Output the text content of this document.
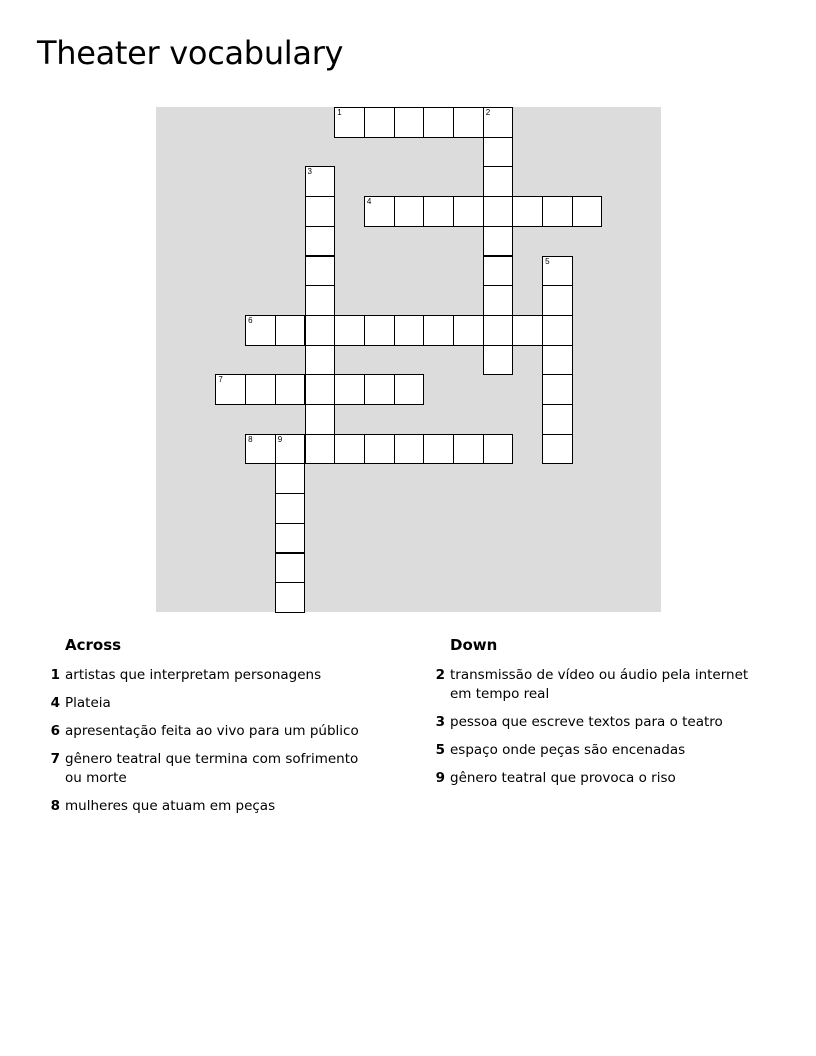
Theater vocabulary
1	2
3
4
5
6
7
8	9
Across
1 artistas que interpretam personagens
4 Plateia
6 apresentação feita ao vivo para um público
7 gênero teatral que termina com sofrimento ou morte
8 mulheres que atuam em peças
Down
2 transmissão de vídeo ou áudio pela internet em tempo real
3 pessoa que escreve textos para o teatro
5 espaço onde peças são encenadas
9 gênero teatral que provoca o riso
